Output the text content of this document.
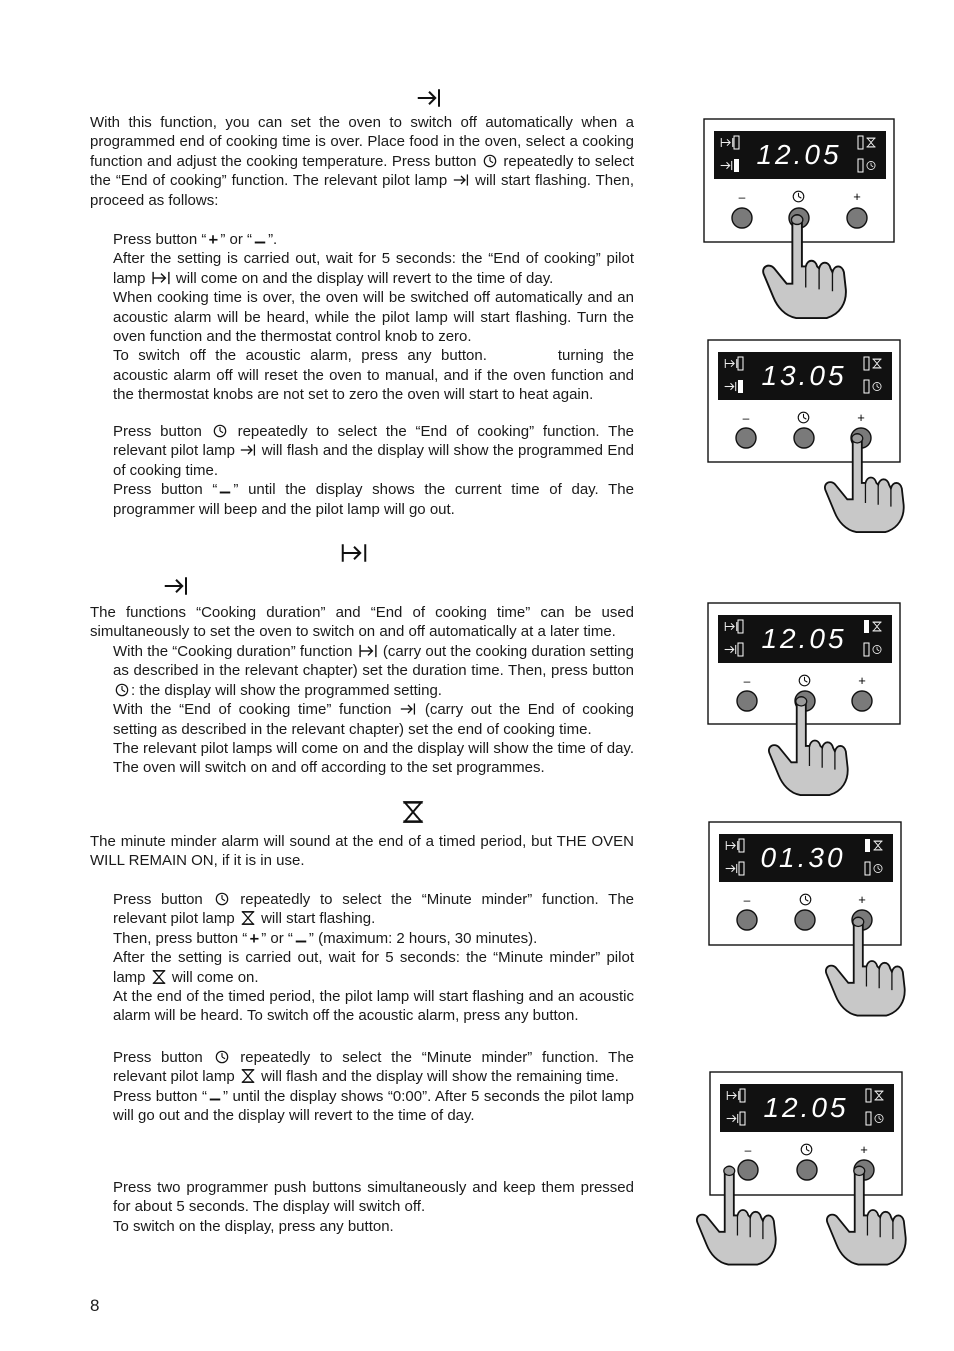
With this function, you can set the oven to switch off automatically when a programmed end of cooking time is over. Place food in the oven, select a cooking function and adjust the cooking temperature. Press button repeatedly to select the “End of cooking” function. The relevant pilot lamp will start flashing. Then, proceed as follows:
Press button “ ” or “ ”.
After the setting is carried out, wait for 5 seconds: the “End of cooking” pilot lamp will come on and the display will revert to the time of day.
When cooking time is over, the oven will be switched off automatically and an acoustic alarm will be heard, while the pilot lamp will start flashing. Turn the oven function and the thermostat control knob to zero.
To switch off the acoustic alarm, press any button.	turning the acoustic alarm off will reset the oven to manual, and if the oven function and the thermostat knobs are not set to zero the oven will start to heat again.
Press button repeatedly to select the “End of cooking” function. The relevant pilot lamp will flash and the display will show the programmed End of cooking time.
Press button “ ” until the display shows the current time of day. The programmer will beep and the pilot lamp will go out.
The functions “Cooking duration” and “End of cooking time” can be used simultaneously to set the oven to switch on and off automatically at a later time.
With the “Cooking duration” function (carry out the cooking duration setting as described in the relevant chapter) set the duration time. Then, press button : the display will show the programmed setting.
With the “End of cooking time” function (carry out the End of cooking setting as described in the relevant chapter) set the end of cooking time.
The relevant pilot lamps will come on and the display will show the time of day. The oven will switch on and off according to the set programmes.
The minute minder alarm will sound at the end of a timed period, but THE OVEN WILL REMAIN ON, if it is in use.
Press button repeatedly to select the “Minute minder” function. The relevant pilot lamp will start flashing.
Then, press button “ ” or “ ” (maximum: 2 hours, 30 minutes).
After the setting is carried out, wait for 5 seconds: the “Minute minder” pilot lamp will come on.
At the end of the timed period, the pilot lamp will start flashing and an acoustic alarm will be heard. To switch off the acoustic alarm, press any button.
Press button repeatedly to select the “Minute minder” function. The relevant pilot lamp will flash and the display will show the remaining time.
Press button “ ” until the display shows “0:00”. After 5 seconds the pilot lamp will go out and the display will revert to the time of day.
Press two programmer push buttons simultaneously and keep them pressed for about 5 seconds. The display will switch off.
To switch on the display, press any button.
8
12.05
–	+
13.05
–	+
12.05
–	+
01.30
–	+
12.05
–	+
